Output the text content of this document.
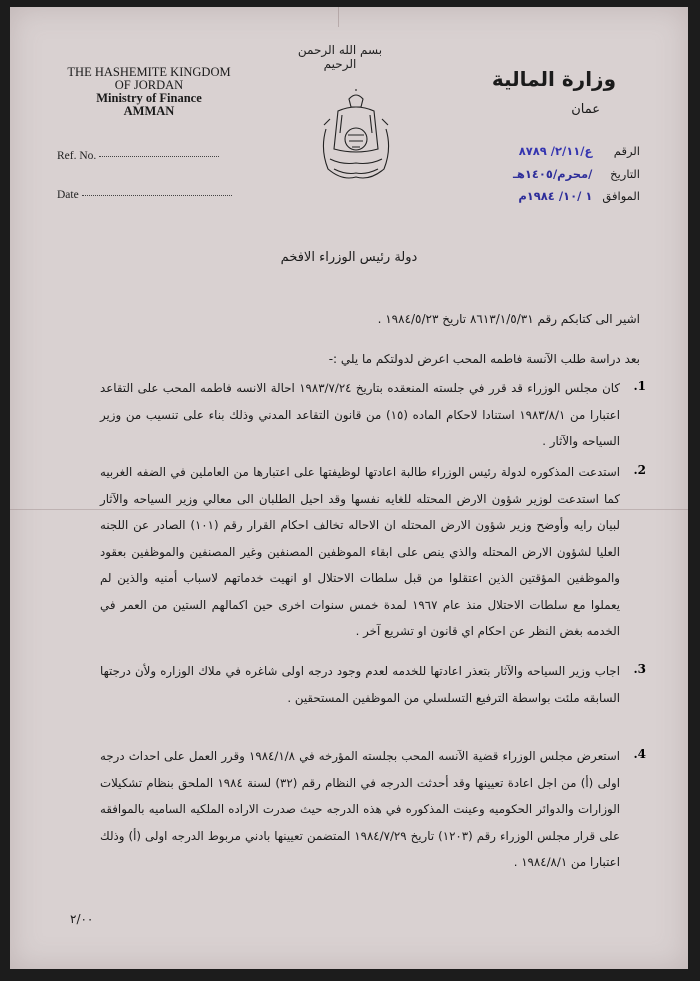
بسم الله الرحمن الرحيم
THE HASHEMITE KINGDOM
OF JORDAN
Ministry of Finance
AMMAN
Ref. No.
Date
وزارة المالية
عمان
الرقم ع/٢/١١/ ٨٧٨٩
التاريخ /محرم/١٤٠٥هـ
الموافق ١ /١٠/ ١٩٨٤م
دولة رئيس الوزراء الافخم
اشير الى كتابكم رقم ٨٦١٣/١/٥/٣١ تاريخ ١٩٨٤/٥/٢٣ .
بعد دراسة طلب الآنسة فاطمه المحب اعرض لدولتكم ما يلي :-
.1
كان مجلس الوزراء قد قرر في جلسته المنعقده بتاريخ ١٩٨٣/٧/٢٤ احالة الانسه فاطمه المحب على التقاعد اعتبارا من ١٩٨٣/٨/١ استنادا لاحكام الماده (١٥) من قانون التقاعد المدني وذلك بناء على تنسيب من وزير السياحه والآثار .
.2
استدعت المذكوره لدولة رئيس الوزراء طالبة اعادتها لوظيفتها على اعتبارها من العاملين في الضفه الغربيه كما استدعت لوزير شؤون الارض المحتله للغايه نفسها وقد احيل الطلبان الى معالي وزير السياحه والآثار لبيان رايه وأوضح وزير شؤون الارض المحتله ان الاحاله تخالف احكام القرار رقم (١٠١) الصادر عن اللجنه العليا لشؤون الارض المحتله والذي ينص على ابقاء الموظفين المصنفين وغير المصنفين والموظفين بعقود والموظفين المؤقتين الذين اعتقلوا من قبل سلطات الاحتلال او انهيت خدماتهم لاسباب أمنيه والذين لم يعملوا مع سلطات الاحتلال منذ عام ١٩٦٧ لمدة خمس سنوات اخرى حين اكمالهم الستين من العمر في الخدمه بغض النظر عن احكام اي قانون او تشريع آخر .
.3
اجاب وزير السياحه والآثار بتعذر اعادتها للخدمه لعدم وجود درجه اولى شاغره في ملاك الوزاره ولأن درجتها السابقه ملئت بواسطة الترفيع التسلسلي من الموظفين المستحقين .
.4
استعرض مجلس الوزراء قضية الآنسه المحب بجلسته المؤرخه في ١٩٨٤/١/٨ وقرر العمل على احداث درجه اولى (أ) من اجل اعادة تعيينها وقد أحدثت الدرجه في النظام رقم (٣٢) لسنة ١٩٨٤ الملحق بنظام تشكيلات الوزارات والدوائر الحكوميه وعينت المذكوره في هذه الدرجه حيث صدرت الاراده الملكيه الساميه بالموافقه على قرار مجلس الوزراء رقم (١٢٠٣) تاريخ ١٩٨٤/٧/٢٩ المتضمن تعيينها بادني مربوط الدرجه اولى (أ) وذلك اعتبارا من ١٩٨٤/٨/١ .
٢/٠٠
